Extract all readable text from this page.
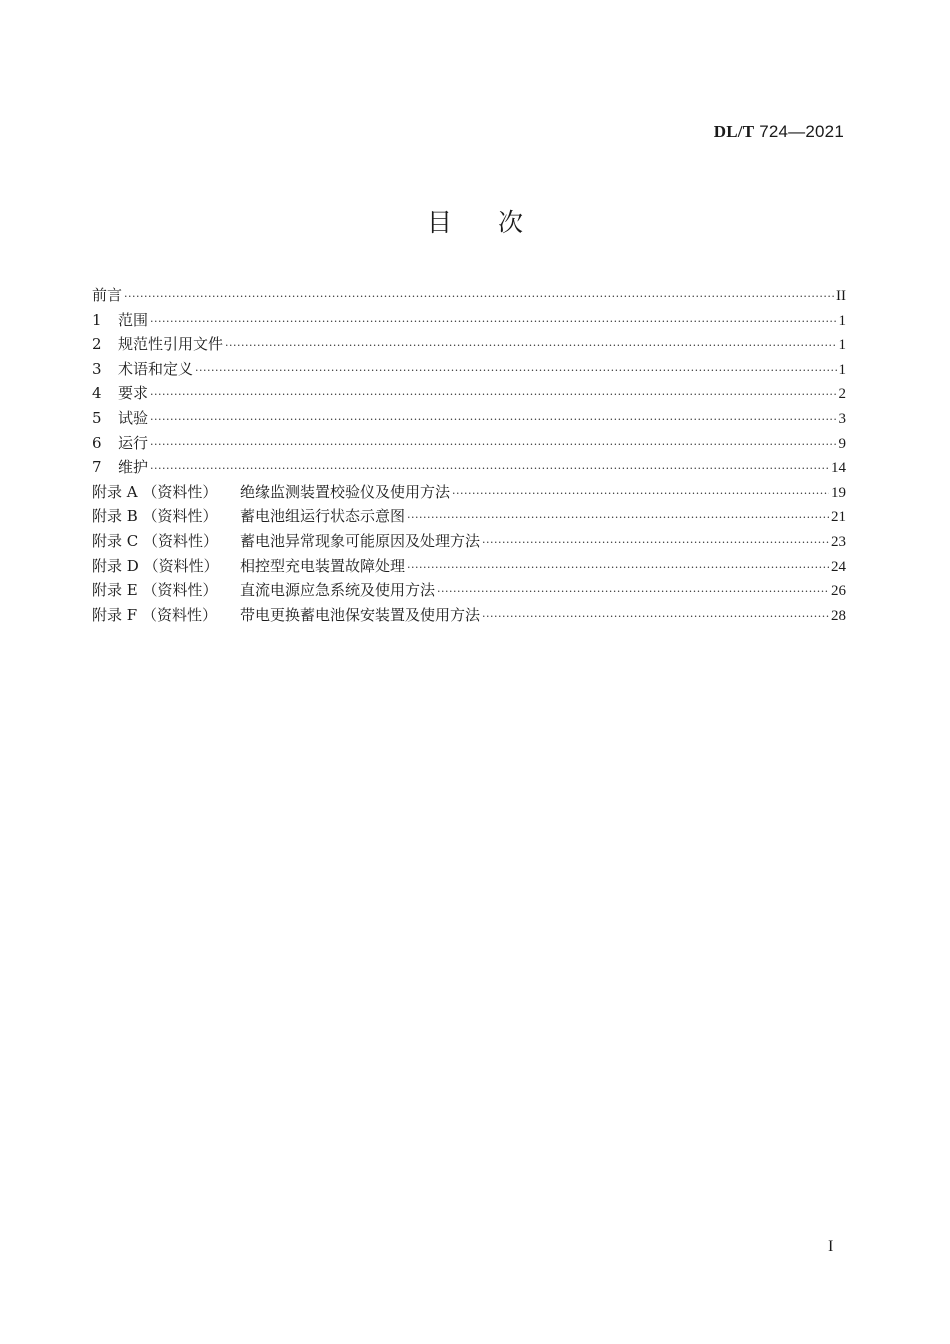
DL/T 724—2021
目次
前言 ·····	II
1	范围 ·····	1
2	规范性引用文件 ·····	1
3	术语和定义 ·····	1
4	要求 ·····	2
5	试验 ·····	3
6	运行 ·····	9
7	维护 ·····	14
附录 A （资料性）	绝缘监测装置校验仪及使用方法 ·····	19
附录 B （资料性）	蓄电池组运行状态示意图 ·····	21
附录 C （资料性）	蓄电池异常现象可能原因及处理方法 ·····	23
附录 D （资料性）	相控型充电装置故障处理 ·····	24
附录 E （资料性）	直流电源应急系统及使用方法 ·····	26
附录 F （资料性）	带电更换蓄电池保安装置及使用方法 ·····	28
I
